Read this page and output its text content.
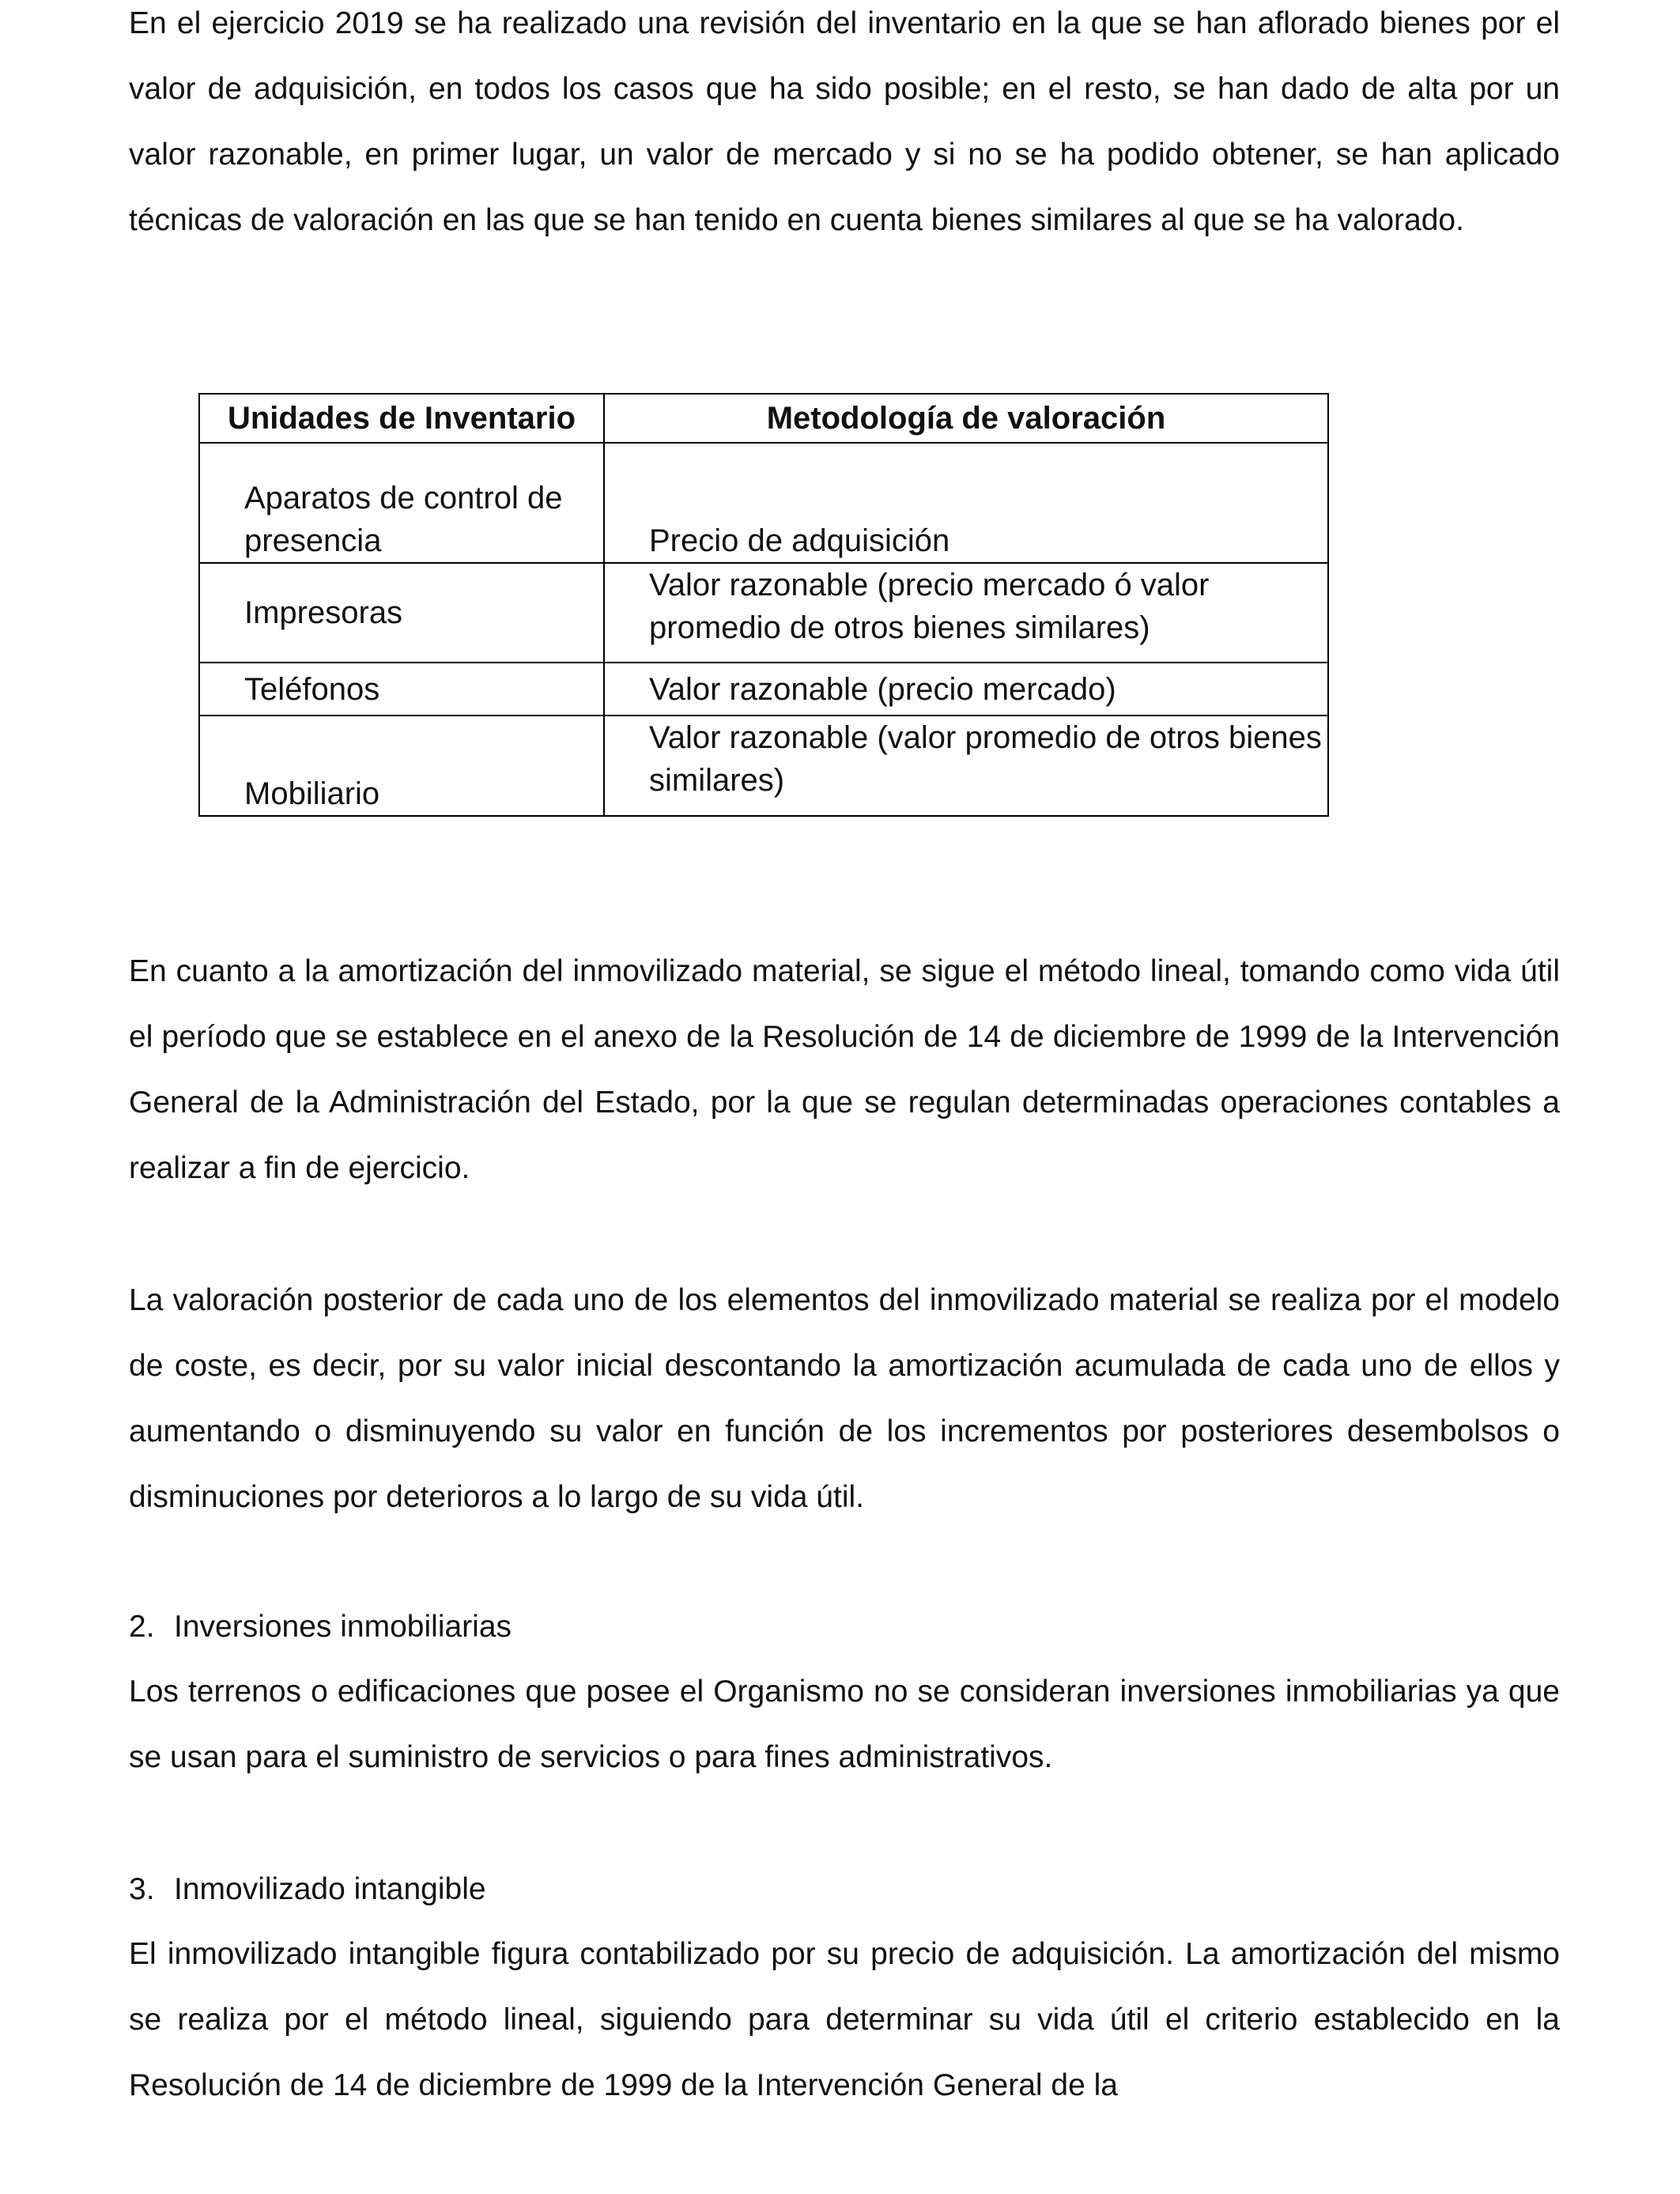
En el ejercicio 2019 se ha realizado una revisión del inventario en la que se han aflorado bienes por el valor de adquisición, en todos los casos que ha sido posible; en el resto, se han dado de alta por un valor razonable, en primer lugar, un valor de mercado y si no se ha podido obtener, se han aplicado técnicas de valoración en las que se han tenido en cuenta bienes similares al que se ha valorado.

Unidades de Inventario	Metodología de valoración
Aparatos de control de presencia	Precio de adquisición
Impresoras	Valor razonable (precio mercado ó valor promedio de otros bienes similares)
Teléfonos	Valor razonable (precio mercado)
Mobiliario	Valor razonable (valor promedio de otros bienes similares)

En cuanto a la amortización del inmovilizado material, se sigue el método lineal, tomando como vida útil el período que se establece en el anexo de la Resolución de 14 de diciembre de 1999 de la Intervención General de la Administración del Estado, por la que se regulan determinadas operaciones contables a realizar a fin de ejercicio.

La valoración posterior de cada uno de los elementos del inmovilizado material se realiza por el modelo de coste, es decir, por su valor inicial descontando la amortización acumulada de cada uno de ellos y aumentando o disminuyendo su valor en función de los incrementos por posteriores desembolsos o disminuciones por deterioros a lo largo de su vida útil.

2. Inversiones inmobiliarias

Los terrenos o edificaciones que posee el Organismo no se consideran inversiones inmobiliarias ya que se usan para el suministro de servicios o para fines administrativos.

3. Inmovilizado intangible

El inmovilizado intangible figura contabilizado por su precio de adquisición. La amortización del mismo se realiza por el método lineal, siguiendo para determinar su vida útil el criterio establecido en la Resolución de 14 de diciembre de 1999 de la Intervención General de la
